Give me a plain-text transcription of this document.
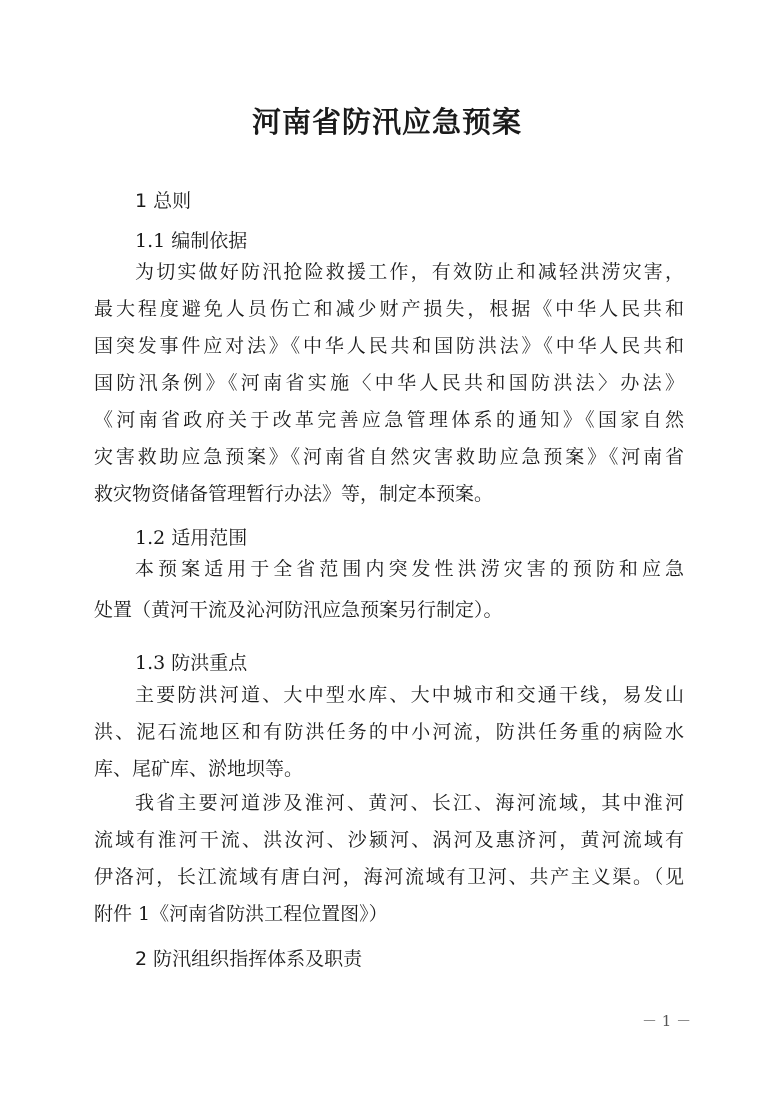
河南省防汛应急预案
1 总则
1.1 编制依据
为切实做好防汛抢险救援工作，有效防止和减轻洪涝灾害，
最大程度避免人员伤亡和减少财产损失，根据《中华人民共和
国突发事件应对法》《中华人民共和国防洪法》《中华人民共和
国防汛条例》《河南省实施〈中华人民共和国防洪法〉办法》
《河南省政府关于改革完善应急管理体系的通知》《国家自然
灾害救助应急预案》《河南省自然灾害救助应急预案》《河南省
救灾物资储备管理暂行办法》等，制定本预案。
1.2 适用范围
本预案适用于全省范围内突发性洪涝灾害的预防和应急
处置（黄河干流及沁河防汛应急预案另行制定）。
1.3 防洪重点
主要防洪河道、大中型水库、大中城市和交通干线，易发山
洪、泥石流地区和有防洪任务的中小河流，防洪任务重的病险水
库、尾矿库、淤地坝等。
我省主要河道涉及淮河、黄河、长江、海河流域，其中淮河
流域有淮河干流、洪汝河、沙颍河、涡河及惠济河，黄河流域有
伊洛河，长江流域有唐白河，海河流域有卫河、共产主义渠。（见
附件 1《河南省防洪工程位置图》）
2 防汛组织指挥体系及职责
－ 1 －
